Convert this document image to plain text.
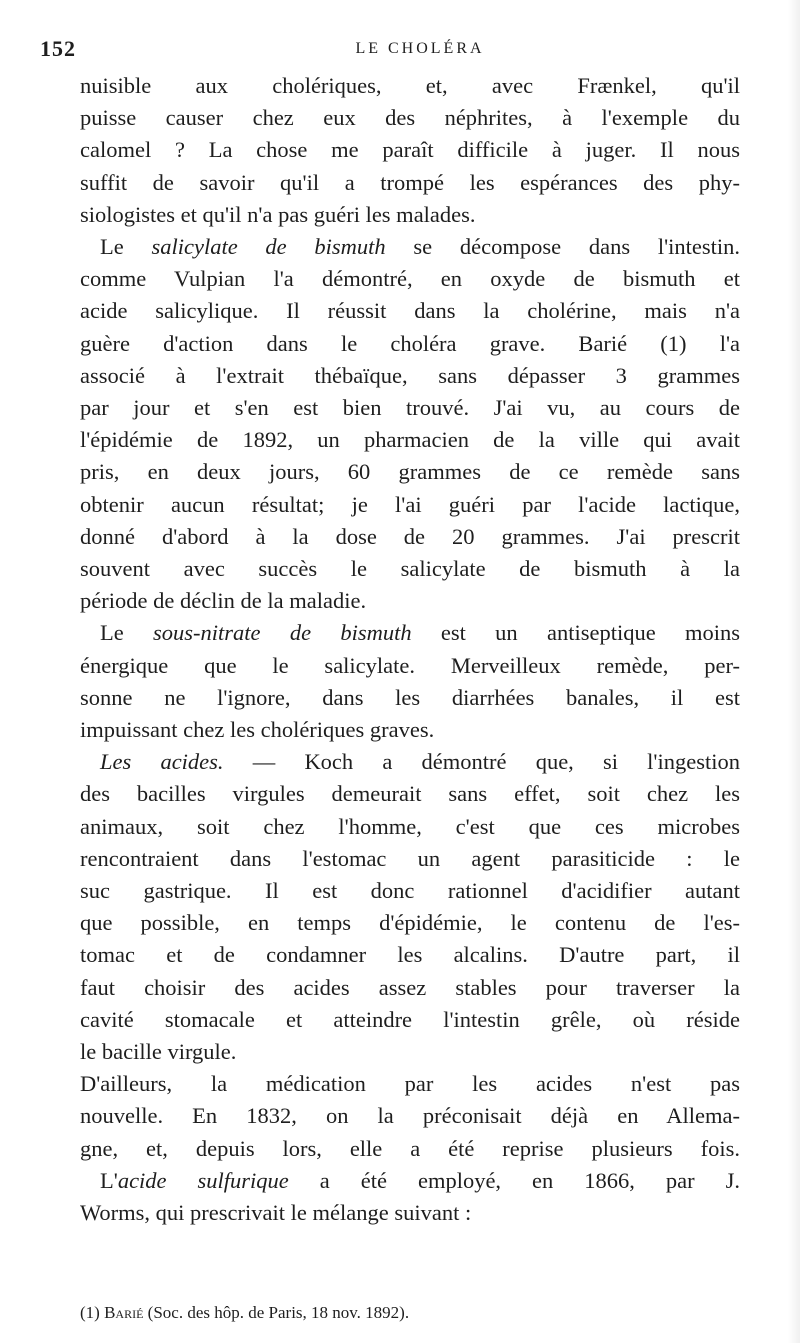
152	LE CHOLÉRA
nuisible aux cholériques, et, avec Frænkel, qu'il
puisse causer chez eux des néphrites, à l'exemple du
calomel ? La chose me paraît difficile à juger. Il nous
suffit de savoir qu'il a trompé les espérances des phy-
siologistes et qu'il n'a pas guéri les malades.
Le salicylate de bismuth se décompose dans l'intestin.
comme Vulpian l'a démontré, en oxyde de bismuth et
acide salicylique. Il réussit dans la cholérine, mais n'a
guère d'action dans le choléra grave. Barié (1) l'a
associé à l'extrait thébaïque, sans dépasser 3 grammes
par jour et s'en est bien trouvé. J'ai vu, au cours de
l'épidémie de 1892, un pharmacien de la ville qui avait
pris, en deux jours, 60 grammes de ce remède sans
obtenir aucun résultat; je l'ai guéri par l'acide lactique,
donné d'abord à la dose de 20 grammes. J'ai prescrit
souvent avec succès le salicylate de bismuth à la
période de déclin de la maladie.
Le sous-nitrate de bismuth est un antiseptique moins
énergique que le salicylate. Merveilleux remède, per-
sonne ne l'ignore, dans les diarrhées banales, il est
impuissant chez les cholériques graves.
Les acides. — Koch a démontré que, si l'ingestion
des bacilles virgules demeurait sans effet, soit chez les
animaux, soit chez l'homme, c'est que ces microbes
rencontraient dans l'estomac un agent parasiticide : le
suc gastrique. Il est donc rationnel d'acidifier autant
que possible, en temps d'épidémie, le contenu de l'es-
tomac et de condamner les alcalins. D'autre part, il
faut choisir des acides assez stables pour traverser la
cavité stomacale et atteindre l'intestin grêle, où réside
le bacille virgule.
D'ailleurs, la médication par les acides n'est pas
nouvelle. En 1832, on la préconisait déjà en Allema-
gne, et, depuis lors, elle a été reprise plusieurs fois.
L'acide sulfurique a été employé, en 1866, par J.
Worms, qui prescrivait le mélange suivant :
(1) Barié (Soc. des hôp. de Paris, 18 nov. 1892).
